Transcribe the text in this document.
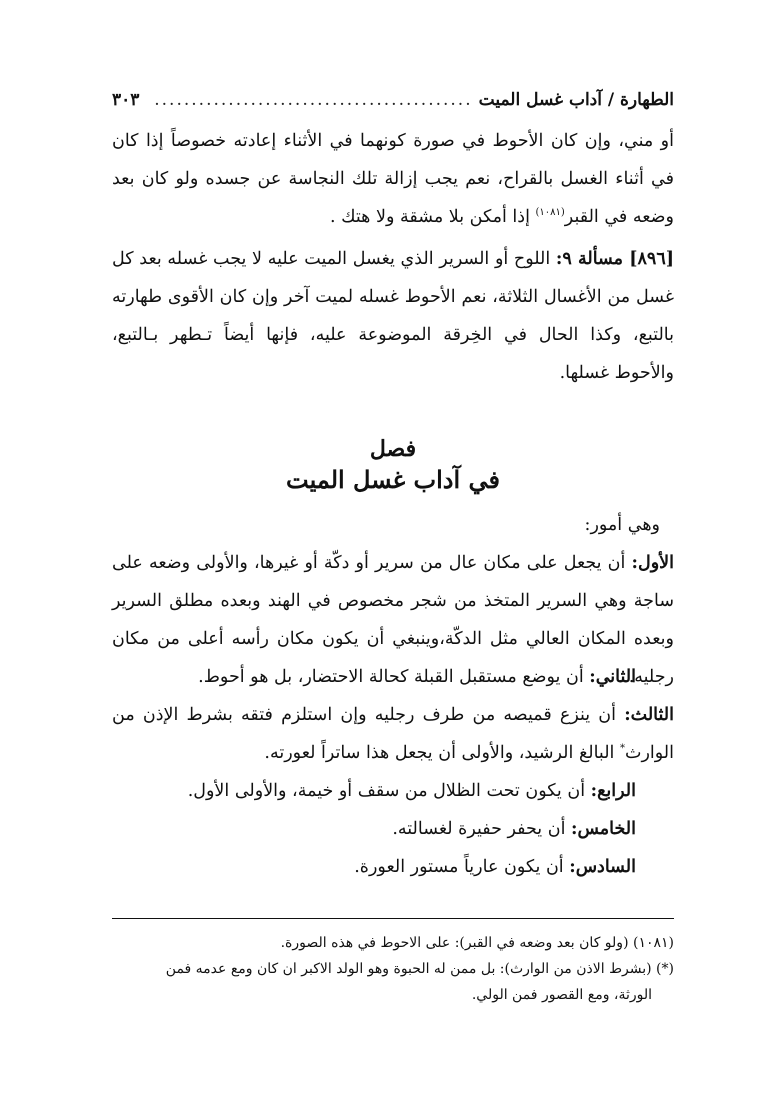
الطهارة / آداب غسل الميت
...........................................
٣٠٣
أو مني، وإن كان الأحوط في صورة كونهما في الأثناء إعادته خصوصاً إذا كان في أثناء الغسل بالقراح، نعم يجب إزالة تلك النجاسة عن جسده ولو كان بعد وضعه في القبر$^{(١٠٨١)}$ إذا أمكن بلا مشقة ولا هتك .
[٨٩٦] مسألة ٩: اللوح أو السرير الذي يغسل الميت عليه لا يجب غسله بعد كل غسل من الأغسال الثلاثة، نعم الأحوط غسله لميت آخر وإن كان الأقوى طهارته بالتبع، وكذا الحال في الخِرقة الموضوعة عليه، فإنها أيضاً تـطهر بـالتبع، والأحوط غسلها.
فصل
في آداب غسل الميت
وهي أمور:
الأول: أن يجعل على مكان عال من سرير أو دكّة أو غيرها، والأولى وضعه على ساجة وهي السرير المتخذ من شجر مخصوص في الهند وبعده مطلق السرير وبعده المكان العالي مثل الدكّة،وينبغي أن يكون مكان رأسه أعلى من مكان رجليه.
الثاني: أن يوضع مستقبل القبلة كحالة الاحتضار، بل هو أحوط.
الثالث: أن ينزع قميصه من طرف رجليه وإن استلزم فتقه بشرط الإذن من الوارث* البالغ الرشيد، والأولى أن يجعل هذا ساتراً لعورته.
الرابع: أن يكون تحت الظلال من سقف أو خيمة، والأولى الأول.
الخامس: أن يحفر حفيرة لغسالته.
السادس: أن يكون عارياً مستور العورة.

(١٠٨١) (ولو كان بعد وضعه في القبر): على الاحوط في هذه الصورة.

(*) (بشرط الاذن من الوارث): بل ممن له الحبوة وهو الولد الاكبر ان كان ومع عدمه فمن
الورثة، ومع القصور فمن الولي.
